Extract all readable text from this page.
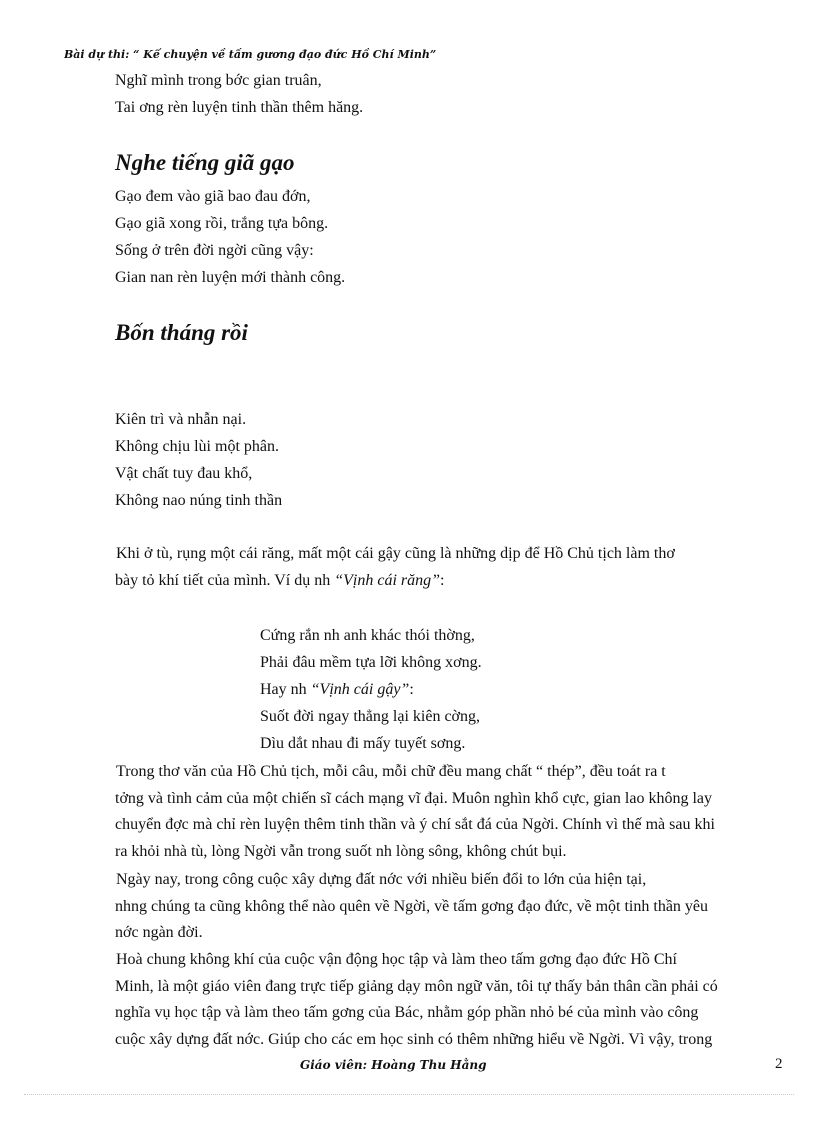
Bài dự thi: “ Kể chuyện về tấm gương đạo đức Hồ Chí Minh”
Nghĩ mình trong bớc gian truân,
Tai ơng rèn luyện tinh thần thêm hăng.
Nghe tiếng giã gạo
Gạo đem vào giã bao đau đớn,
Gạo giã xong rồi, trắng tựa bông.
Sống ở trên đời ngời cũng vậy:
Gian nan rèn luyện mới thành công.
Bốn tháng rồi
Kiên trì và nhẫn nại.
Không chịu lùi một phân.
Vật chất tuy đau khổ,
Không nao núng tinh thần
Khi ở tù, rụng một cái răng, mất một cái gậy cũng là những dịp để Hồ Chủ tịch làm thơ
bày tỏ khí tiết của mình. Ví dụ nh “Vịnh cái răng”:
Cứng rắn nh anh khác thói thờng,
Phải đâu mềm tựa lỡi không xơng.
Hay nh “Vịnh cái gậy”:
Suốt đời ngay thẳng lại kiên cờng,
Dìu dắt nhau đi mấy tuyết sơng.
Trong thơ văn của Hồ Chủ tịch, mỗi câu, mỗi chữ đều mang chất “ thép”, đều toát ra t
tởng và tình cảm của một chiến sĩ cách mạng vĩ đại. Muôn nghìn khổ cực, gian lao không lay
chuyển đợc mà chỉ rèn luyện thêm tinh thần và ý chí sắt đá của Ngời. Chính vì thế mà sau khi
ra khỏi nhà tù, lòng Ngời vẫn trong suốt nh lòng sông, không chút bụi.
Ngày nay, trong công cuộc xây dựng đất nớc với nhiều biến đổi to lớn của hiện tại,
nhng chúng ta cũng không thể nào quên về Ngời, về tấm gơng đạo đức, về một tinh thần yêu
nớc ngàn đời.
Hoà chung không khí của cuộc vận động học tập và làm theo tấm gơng đạo đức Hồ Chí
Minh, là một giáo viên đang trực tiếp giảng dạy môn ngữ văn, tôi tự thấy bản thân cần phải có
nghĩa vụ học tập và làm theo tấm gơng của Bác, nhằm góp phần nhỏ bé của mình vào công
cuộc xây dựng đất nớc. Giúp cho các em học sinh có thêm những hiểu về Ngời. Vì vậy, trong
Giáo viên: Hoàng Thu Hằng	2
